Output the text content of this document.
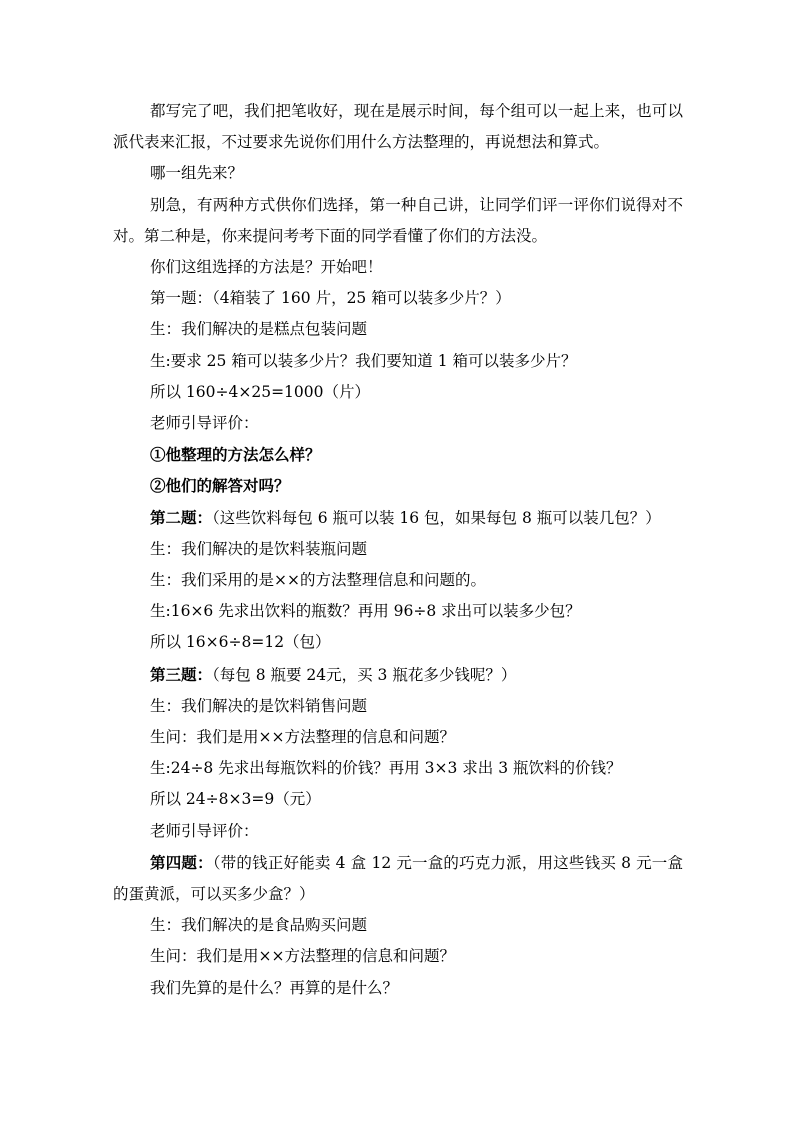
都写完了吧，我们把笔收好，现在是展示时间，每个组可以一起上来，也可以派代表来汇报，不过要求先说你们用什么方法整理的，再说想法和算式。

哪一组先来？

别急，有两种方式供你们选择，第一种自己讲，让同学们评一评你们说得对不对。第二种是，你来提问考考下面的同学看懂了你们的方法没。

你们这组选择的方法是？开始吧！

第一题：（4箱装了 160 片，25 箱可以装多少片？）

生：我们解决的是糕点包装问题

生:要求 25 箱可以装多少片？我们要知道 1 箱可以装多少片？

所以 160÷4×25=1000（片）

老师引导评价：

①他整理的方法怎么样？

②他们的解答对吗？

第二题：（这些饮料每包 6 瓶可以装 16 包，如果每包 8 瓶可以装几包？）

生：我们解决的是饮料装瓶问题

生：我们采用的是××的方法整理信息和问题的。

生:16×6 先求出饮料的瓶数？再用 96÷8 求出可以装多少包？

所以 16×6÷8=12（包）

第三题：（每包 8 瓶要 24元，买 3 瓶花多少钱呢？）

生：我们解决的是饮料销售问题

生问：我们是用××方法整理的信息和问题？

生:24÷8 先求出每瓶饮料的价钱？再用 3×3 求出 3 瓶饮料的价钱？

所以 24÷8×3=9（元）

老师引导评价：

第四题：（带的钱正好能卖 4 盒 12 元一盒的巧克力派，用这些钱买 8 元一盒的蛋黄派，可以买多少盒？）

生：我们解决的是食品购买问题

生问：我们是用××方法整理的信息和问题？

我们先算的是什么？再算的是什么？
